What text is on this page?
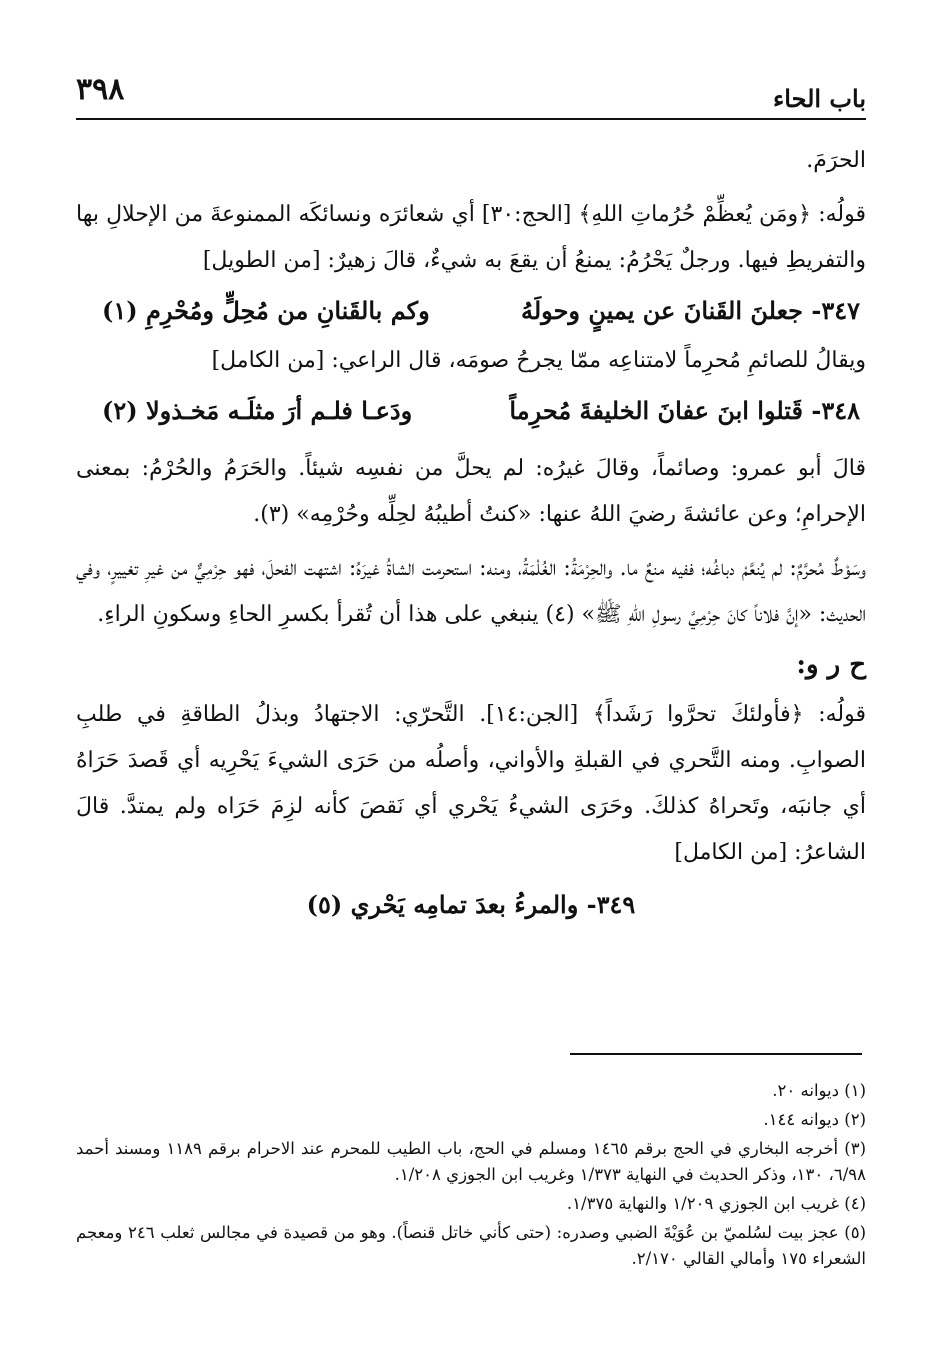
باب الحاء
٣٩٨

الحرَمَ.

قولُه: ﴿ومَن يُعظِّمْ حُرُماتِ اللهِ﴾ [الحج:٣٠] أي شعائرَه ونسائكَه الممنوعةَ من الإحلالِ بها والتفريطِ فيها. ورجلٌ يَحْرُمُ: يمنعُ أن يقعَ به شيءٌ، قالَ زهيرٌ: [من الطويل]

٣٤٧- جعلنَ القَنانَ عن يمينٍ وحولَهُ
وكم بالقَنانِ من مُحِلٍّ ومُحْرِمِ (١)

ويقالُ للصائمِ مُحرِماً لامتناعِه ممّا يجرحُ صومَه، قال الراعي: [من الكامل]

٣٤٨- قَتلوا ابنَ عفانَ الخليفةَ مُحرِماً
ودَعـا فلـم أرَ مثلَـه مَخـذولا (٢)

قالَ أبو عمرو: وصائماً، وقالَ غيرُه: لم يحلَّ من نفسِه شيئاً. والحَرَمُ والحُرْمُ: بمعنى الإحرامِ؛ وعن عائشةَ رضيَ اللهُ عنها: «كنتُ أطيبُهُ لحِلِّه وحُرْمِه» (٣).

وسَوْطٌ مُحرَّمٌ: لم يُنعَّمْ دباغُه؛ ففيه منعٌ ما. والحِرْمَةُ: الغُلْمَةُ، ومنه: استحرمت الشاةُ غيرَهُ: اشتهت الفحلَ، فهو حِرْمِيٌّ من غيرِ تغييرٍ، وفي الحديث: «إنَّ فلاناً كانَ حِرْمِيَّ رسولِ اللهِ ﷺ» (٤) ينبغي على هذا أن تُقرأ بكسرِ الحاءِ وسكونِ الراءِ.

ح ر و:

قولُه: ﴿فأولئكَ تحرَّوا رَشَداً﴾ [الجن:١٤]. التَّحرّي: الاجتهادُ وبذلُ الطاقةِ في طلبِ الصوابِ. ومنه التَّحري في القبلةِ والأواني، وأصلُه من حَرَى الشيءَ يَحْرِيه أي قَصدَ حَرَاهُ أي جانبَه، وتَحراهُ كذلكَ. وحَرَى الشيءُ يَحْري أي نَقصَ كأنه لزِمَ حَرَاه ولم يمتدَّ. قالَ الشاعرُ: [من الكامل]

٣٤٩- والمرءُ بعدَ تمامِه يَحْري (٥)

(١) ديوانه ٢٠.

(٢) ديوانه ١٤٤.

(٣) أخرجه البخاري في الحج برقم ١٤٦٥ ومسلم في الحج، باب الطيب للمحرم عند الاحرام برقم ١١٨٩ ومسند أحمد ٦/٩٨، ١٣٠، وذكر الحديث في النهاية ١/٣٧٣ وغريب ابن الجوزي ١/٢٠٨.

(٤) غريب ابن الجوزي ١/٢٠٩ والنهاية ١/٣٧٥.

(٥) عجز بيت لسُلميّ بن عُوَيْةَ الضبي وصدره: (حتى كأني خاتل قنصاً). وهو من قصيدة في مجالس ثعلب ٢٤٦ ومعجم الشعراء ١٧٥ وأمالي القالي ٢/١٧٠.
